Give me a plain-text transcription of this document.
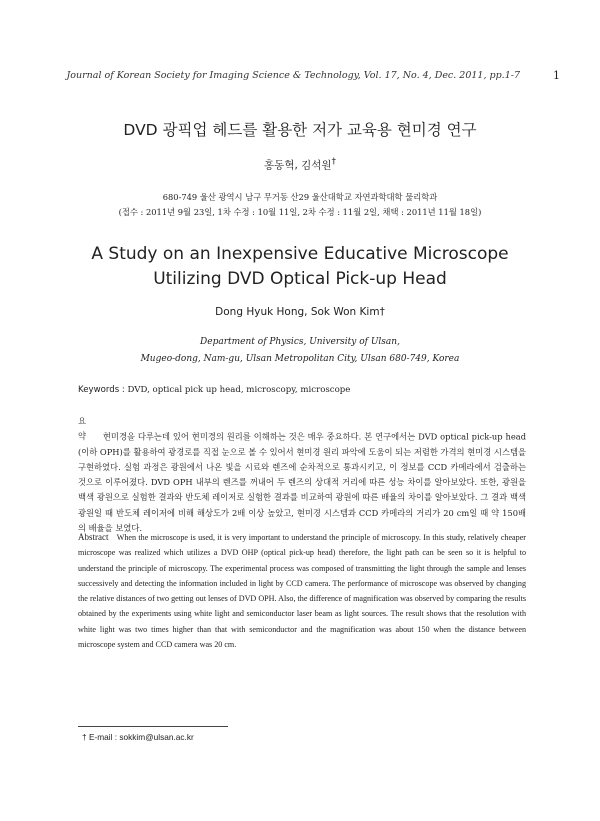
Journal of Korean Society for Imaging Science & Technology, Vol. 17, No. 4, Dec. 2011, pp.1-7	1
DVD 광픽업 헤드를 활용한 저가 교육용 현미경 연구
홍동혁, 김석원†
680-749 울산 광역시 남구 무거동 산29 울산대학교 자연과학대학 물리학과
(접수 : 2011년 9월 23일, 1차 수정 : 10월 11일, 2차 수정 : 11월 2일, 채택 : 2011년 11월 18일)
A Study on an Inexpensive Educative Microscope
Utilizing DVD Optical Pick-up Head
Dong Hyuk Hong, Sok Won Kim†
Department of Physics, University of Ulsan,
Mugeo-dong, Nam-gu, Ulsan Metropolitan City, Ulsan 680-749, Korea
Keywords : DVD, optical pick up head, microscopy, microscope
요 약 현미경을 다루는데 있어 현미경의 원리를 이해하는 것은 매우 중요하다. 본 연구에서는 DVD optical pick-up head (이하 OPH)를 활용하여 광경로를 직접 눈으로 볼 수 있어서 현미경 원리 파악에 도움이 되는 저렴한 가격의 현미경 시스템을 구현하였다. 실험 과정은 광원에서 나온 빛을 시료와 렌즈에 순차적으로 통과시키고, 이 정보를 CCD 카메라에서 검출하는 것으로 이루어졌다. DVD OPH 내부의 렌즈를 꺼내어 두 렌즈의 상대적 거리에 따른 성능 차이를 알아보았다. 또한, 광원을 백색 광원으로 실험한 결과와 반도체 레이저로 실험한 결과를 비교하여 광원에 따른 배율의 차이를 알아보았다. 그 결과 백색 광원일 때 반도체 레이저에 비해 해상도가 2배 이상 높았고, 현미경 시스템과 CCD 카메라의 거리가 20 cm일 때 약 150배의 배율을 보였다.
Abstract When the microscope is used, it is very important to understand the principle of microscopy. In this study, relatively cheaper microscope was realized which utilizes a DVD OHP (optical pick-up head) therefore, the light path can be seen so it is helpful to understand the principle of microscopy. The experimental process was composed of transmitting the light through the sample and lenses successively and detecting the information included in light by CCD camera. The performance of microscope was observed by changing the relative distances of two getting out lenses of DVD OPH. Also, the difference of magnification was observed by comparing the results obtained by the experiments using white light and semiconductor laser beam as light sources. The result shows that the resolution with white light was two times higher than that with semiconductor and the magnification was about 150 when the distance between microscope system and CCD camera was 20 cm.
† E-mail : sokkim@ulsan.ac.kr
